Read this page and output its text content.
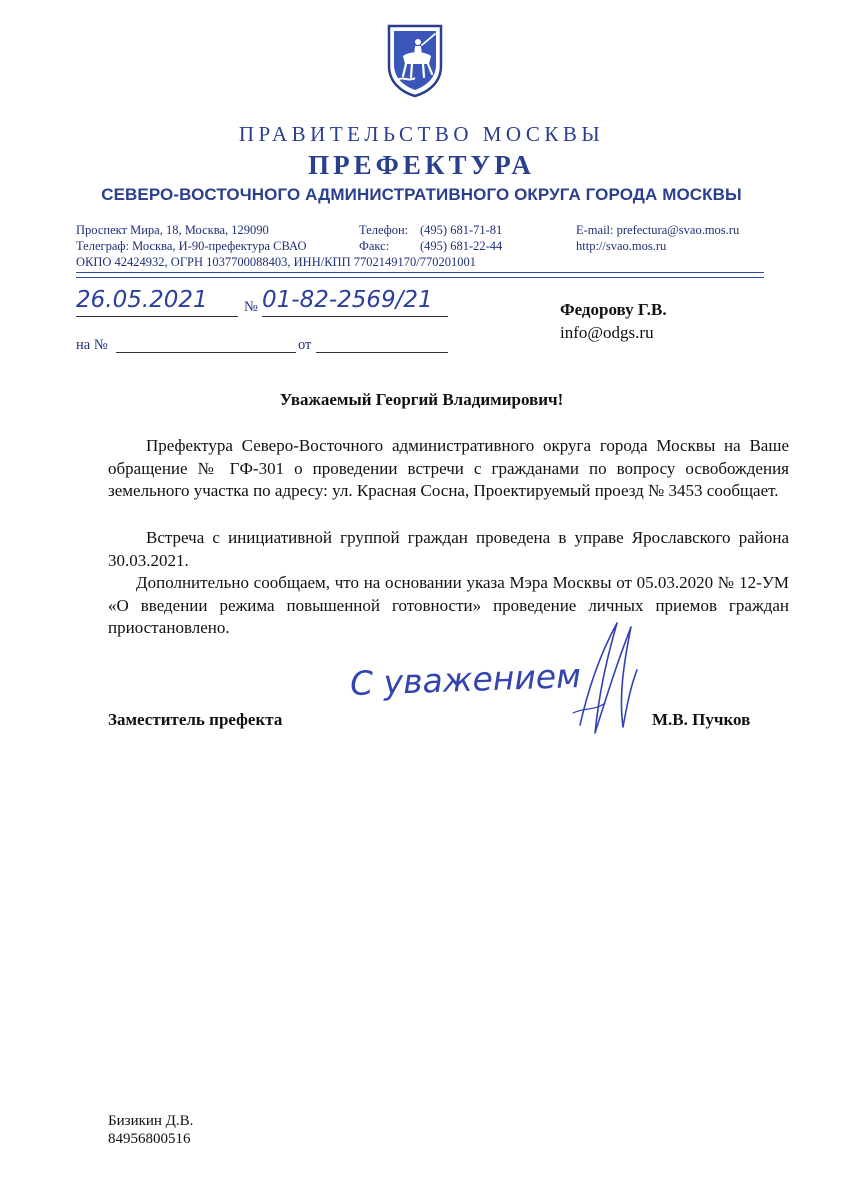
ПРАВИТЕЛЬСТВО МОСКВЫ
ПРЕФЕКТУРА
СЕВЕРО-ВОСТОЧНОГО АДМИНИСТРАТИВНОГО ОКРУГА ГОРОДА МОСКВЫ
Проспект Мира, 18, Москва, 129090
Телеграф: Москва, И-90-префектура СВАО
ОКПО 42424932, ОГРН 1037700088403, ИНН/КПП 7702149170/770201001
Телефон: (495) 681-71-81
Факс: (495) 681-22-44
E-mail: prefectura@svao.mos.ru
http://svao.mos.ru
26.05.2021	№ 01-82-2569/21
на №	от
Федорову Г.В.
info@odgs.ru
Уважаемый Георгий Владимирович!
Префектура Северо-Восточного административного округа города Москвы на Ваше обращение № ГФ-301 о проведении встречи с гражданами по вопросу освобождения земельного участка по адресу: ул. Красная Сосна, Проектируемый проезд № 3453 сообщает.
Встреча с инициативной группой граждан проведена в управе Ярославского района 30.03.2021.
Дополнительно сообщаем, что на основании указа Мэра Москвы от 05.03.2020 № 12-УМ «О введении режима повышенной готовности» проведение личных приемов граждан приостановлено.
Заместитель префекта
С уважением
М.В. Пучков
Бизикин Д.В.
84956800516
